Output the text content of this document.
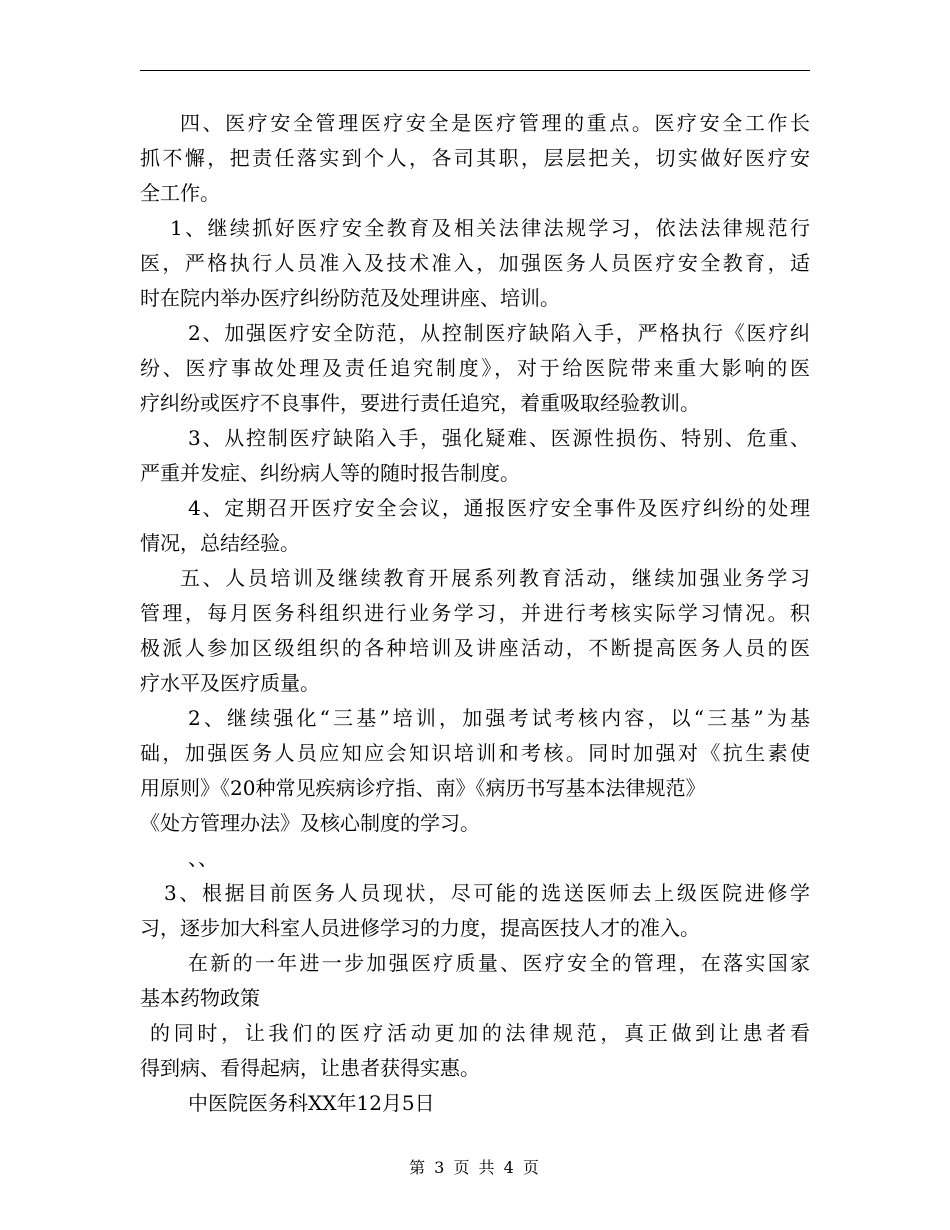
四、医疗安全管理医疗安全是医疗管理的重点。医疗安全工作长
抓不懈，把责任落实到个人，各司其职，层层把关，切实做好医疗安
全工作。
1、继续抓好医疗安全教育及相关法律法规学习，依法法律规范行
医，严格执行人员准入及技术准入，加强医务人员医疗安全教育，适
时在院内举办医疗纠纷防范及处理讲座、培训。
2、加强医疗安全防范，从控制医疗缺陷入手，严格执行《医疗纠
纷、医疗事故处理及责任追究制度》，对于给医院带来重大影响的医
疗纠纷或医疗不良事件，要进行责任追究，着重吸取经验教训。
3、从控制医疗缺陷入手，强化疑难、医源性损伤、特别、危重、
严重并发症、纠纷病人等的随时报告制度。
4、定期召开医疗安全会议，通报医疗安全事件及医疗纠纷的处理
情况，总结经验。
五、人员培训及继续教育开展系列教育活动，继续加强业务学习
管理，每月医务科组织进行业务学习，并进行考核实际学习情况。积
极派人参加区级组织的各种培训及讲座活动，不断提高医务人员的医
疗水平及医疗质量。
2、继续强化“三基”培训，加强考试考核内容，以“三基”为基
础，加强医务人员应知应会知识培训和考核。同时加强对《抗生素使
用原则》《20种常见疾病诊疗指、南》《病历书写基本法律规范》
《处方管理办法》及核心制度的学习。
、、
3、根据目前医务人员现状，尽可能的选送医师去上级医院进修学
习，逐步加大科室人员进修学习的力度，提高医技人才的准入。
在新的一年进一步加强医疗质量、医疗安全的管理，在落实国家
基本药物政策
的同时，让我们的医疗活动更加的法律规范，真正做到让患者看
得到病、看得起病，让患者获得实惠。
中医院医务科XX年12月5日
第 3 页 共 4 页
